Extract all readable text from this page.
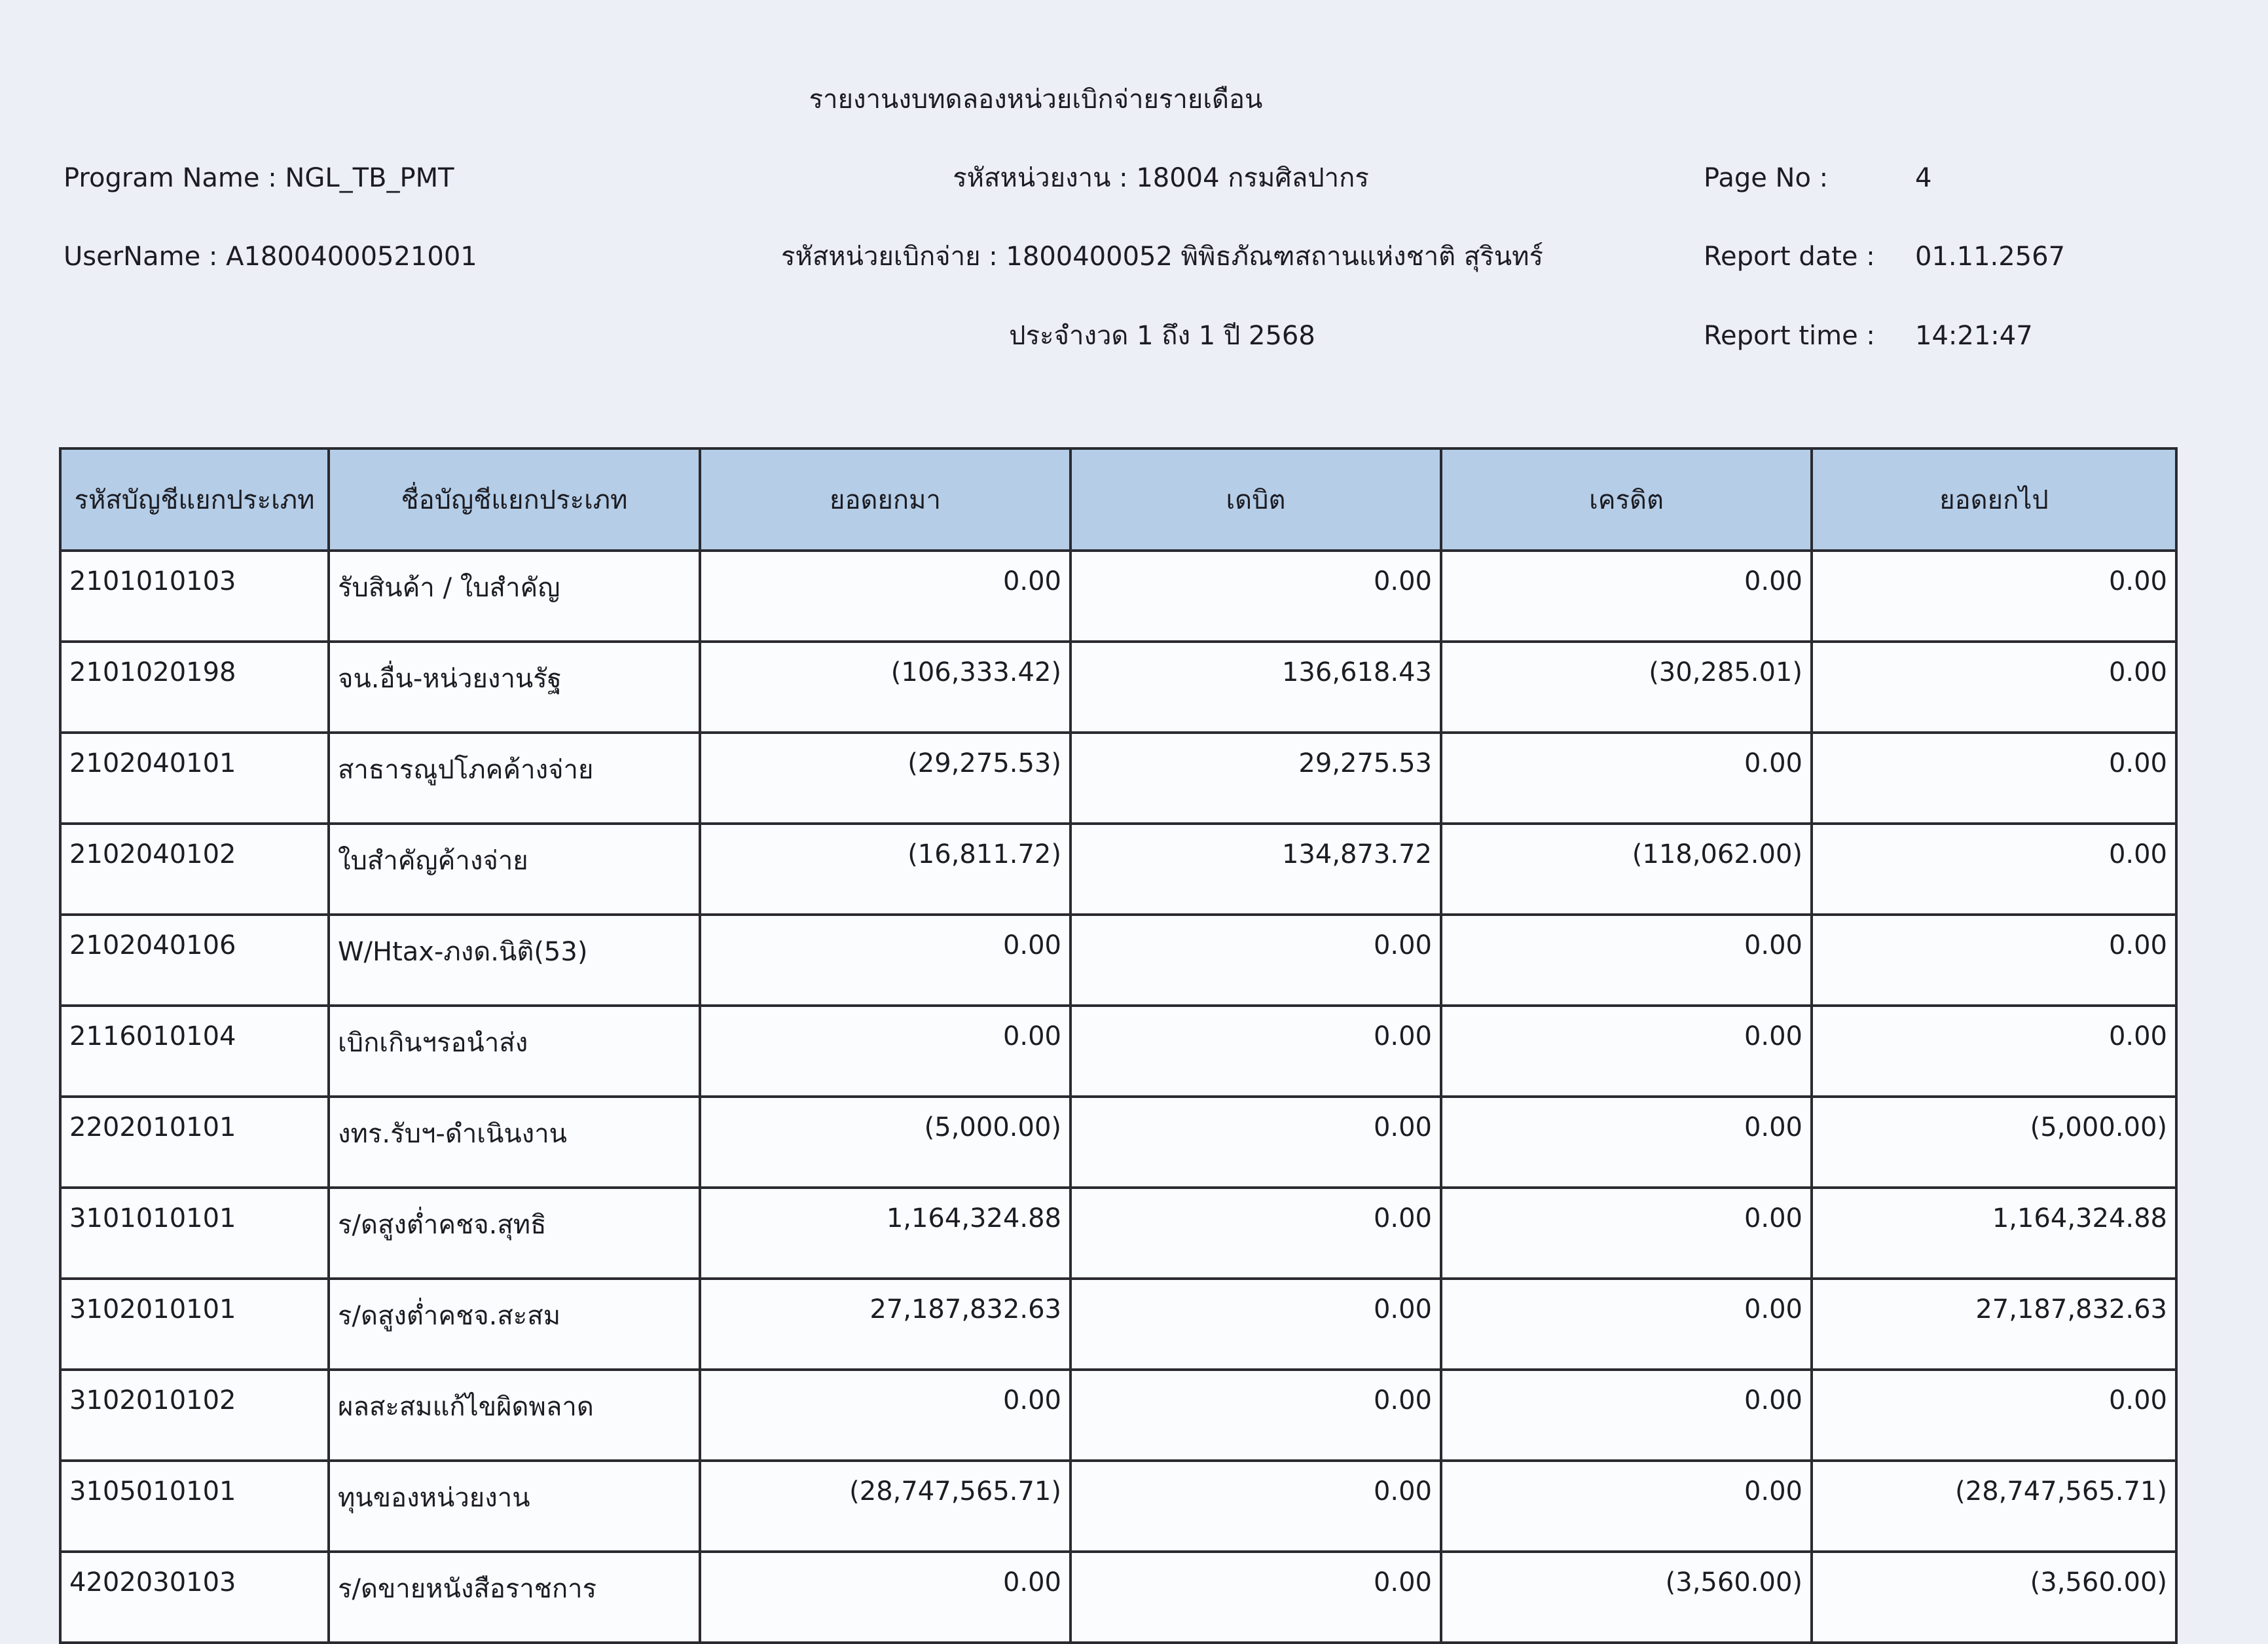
รายงานงบทดลองหน่วยเบิกจ่ายรายเดือน
Program Name : NGL_TB_PMT	รหัสหน่วยงาน : 18004 กรมศิลปากร	Page No :	4
UserName : A18004000521001	รหัสหน่วยเบิกจ่าย : 1800400052 พิพิธภัณฑสถานแห่งชาติ สุรินทร์	Report date : 01.11.2567
ประจำงวด 1 ถึง 1 ปี 2568	Report time : 14:21:47
รหัสบัญชีแยกประเภท	ชื่อบัญชีแยกประเภท	ยอดยกมา	เดบิต	เครดิต	ยอดยกไป
2101010103	รับสินค้า / ใบสำคัญ	0.00	0.00	0.00	0.00
2101020198	จน.อื่น-หน่วยงานรัฐ	(106,333.42)	136,618.43	(30,285.01)	0.00
2102040101	สาธารณูปโภคค้างจ่าย	(29,275.53)	29,275.53	0.00	0.00
2102040102	ใบสำคัญค้างจ่าย	(16,811.72)	134,873.72	(118,062.00)	0.00
2102040106	W/Htax-ภงด.นิติ(53)	0.00	0.00	0.00	0.00
2116010104	เบิกเกินฯรอนำส่ง	0.00	0.00	0.00	0.00
2202010101	งทร.รับฯ-ดำเนินงาน	(5,000.00)	0.00	0.00	(5,000.00)
3101010101	ร/ดสูงต่ำคชจ.สุทธิ	1,164,324.88	0.00	0.00	1,164,324.88
3102010101	ร/ดสูงต่ำคชจ.สะสม	27,187,832.63	0.00	0.00	27,187,832.63
3102010102	ผลสะสมแก้ไขผิดพลาด	0.00	0.00	0.00	0.00
3105010101	ทุนของหน่วยงาน	(28,747,565.71)	0.00	0.00	(28,747,565.71)
4202030103	ร/ดขายหนังสือราชการ	0.00	0.00	(3,560.00)	(3,560.00)
